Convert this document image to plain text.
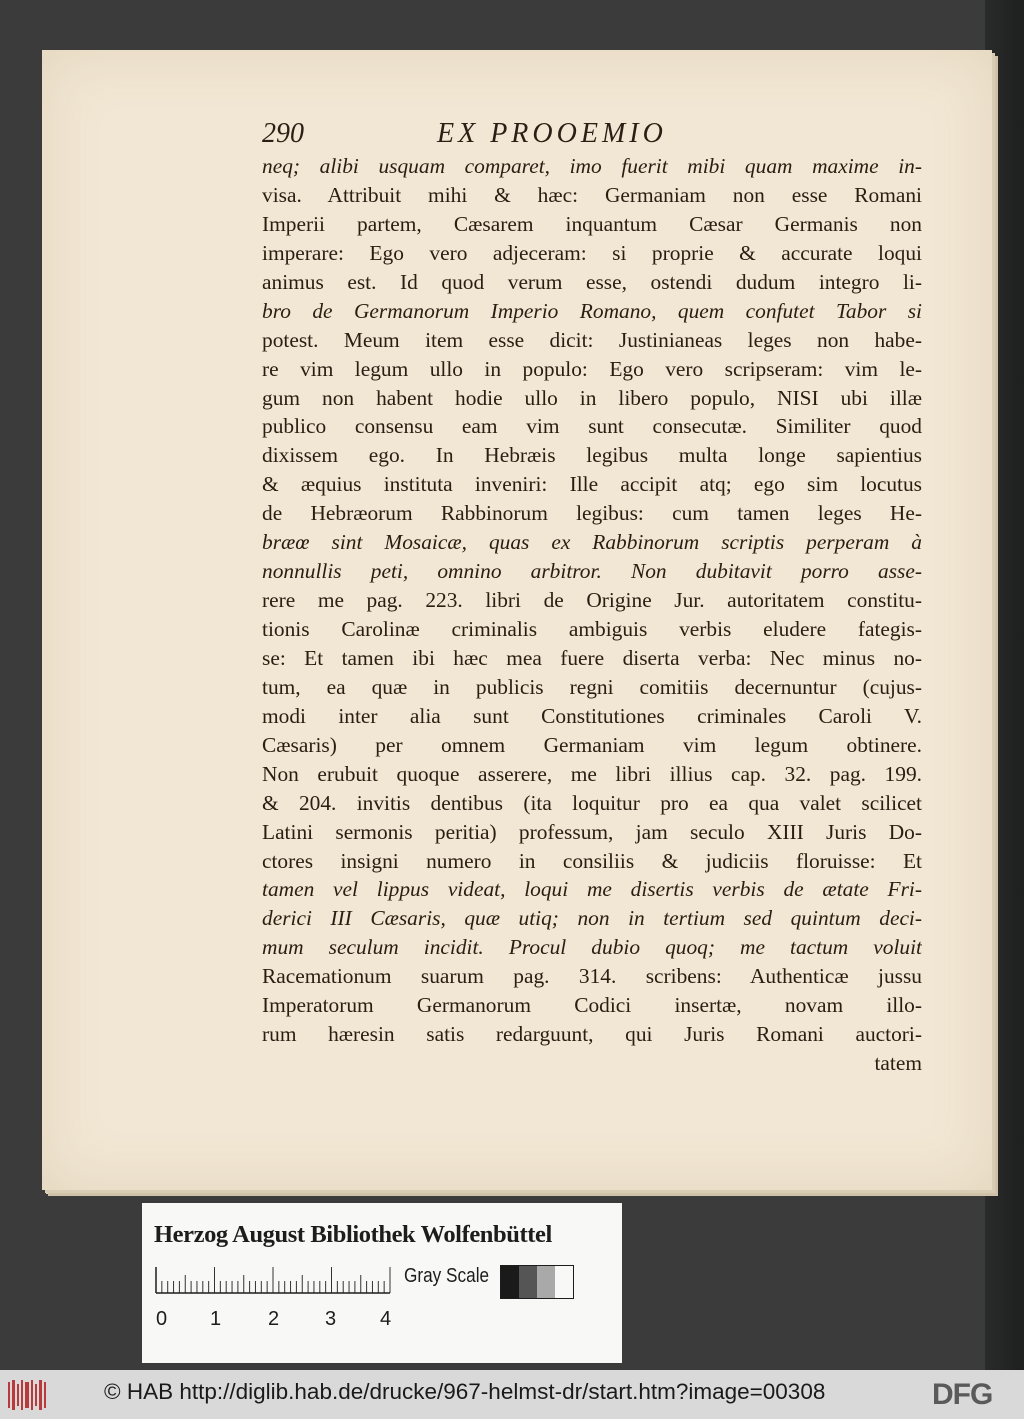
290	EX PROOEMIO
neq; alibi usquam comparet, imo fuerit mibi quam maxime in-
visa. Attribuit mihi & hæc: Germaniam non esse Romani
Imperii partem, Cæsarem inquantum Cæsar Germanis non
imperare: Ego vero adjeceram: si proprie & accurate loqui
animus est. Id quod verum esse, ostendi dudum integro li-
bro de Germanorum Imperio Romano, quem confutet Tabor si
potest. Meum item esse dicit: Justinianeas leges non habe-
re vim legum ullo in populo: Ego vero scripseram: vim le-
gum non habent hodie ullo in libero populo, NISI ubi illæ
publico consensu eam vim sunt consecutæ. Similiter quod
dixissem ego. In Hebræis legibus multa longe sapientius
& æquius instituta inveniri: Ille accipit atq; ego sim locutus
de Hebræorum Rabbinorum legibus: cum tamen leges He-
bræœ sint Mosaicæ, quas ex Rabbinorum scriptis perperam à
nonnullis peti, omnino arbitror. Non dubitavit porro asse-
rere me pag. 223. libri de Origine Jur. autoritatem constitu-
tionis Carolinæ criminalis ambiguis verbis eludere fategis-
se: Et tamen ibi hæc mea fuere diserta verba: Nec minus no-
tum, ea quæ in publicis regni comitiis decernuntur (cujus-
modi inter alia sunt Constitutiones criminales Caroli V.
Cæsaris) per omnem Germaniam vim legum obtinere.
Non erubuit quoque asserere, me libri illius cap. 32. pag. 199.
& 204. invitis dentibus (ita loquitur pro ea qua valet scilicet
Latini sermonis peritia) professum, jam seculo XIII Juris Do-
ctores insigni numero in consiliis & judiciis floruisse: Et
tamen vel lippus videat, loqui me disertis verbis de ætate Fri-
derici III Cæsaris, quæ utiq; non in tertium sed quintum deci-
mum seculum incidit. Procul dubio quoq; me tactum voluit
Racemationum suarum pag. 314. scribens: Authenticæ jussu
Imperatorum Germanorum Codici insertæ, novam illo-
rum hæresin satis redarguunt, qui Juris Romani auctori-
tatem
Herzog August Bibliothek Wolfenbüttel
0 1 2 3 4
Gray Scale
© HAB http://diglib.hab.de/drucke/967-helmst-dr/start.htm?image=00308	DFG
